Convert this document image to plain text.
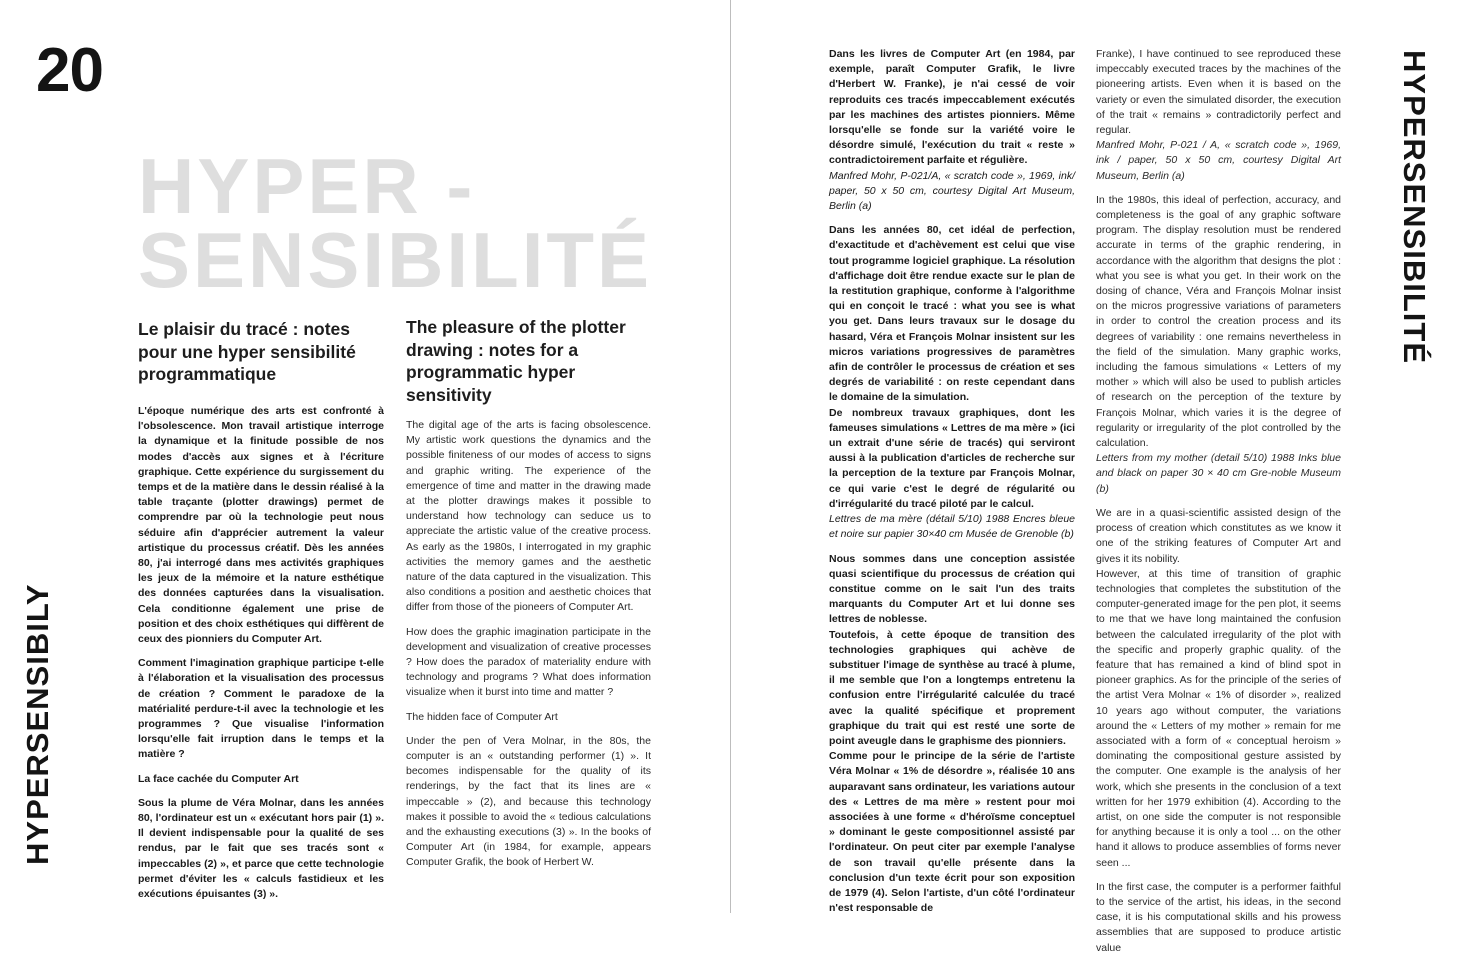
20
HYPERSENSIBILY
HYPERSENSIBILITÉ
HYPER -
SENSIBILITÉ
Le plaisir du tracé : notes pour une hyper sensibilité programmatique
The pleasure of the plotter drawing : notes for a programmatic hyper sensitivity

L'époque numérique des arts est confronté à l'obsolescence. Mon travail artistique interroge la dynamique et la finitude possible de nos modes d'accès aux signes et à l'écriture graphique. Cette expérience du surgissement du temps et de la matière dans le dessin réalisé à la table traçante (plotter drawings) permet de comprendre par où la technologie peut nous séduire afin d'apprécier autrement la valeur artistique du processus créatif. Dès les années 80, j'ai interrogé dans mes activités graphiques les jeux de la mémoire et la nature esthétique des données capturées dans la visualisation. Cela conditionne également une prise de position et des choix esthétiques qui diffèrent de ceux des pionniers du Computer Art.

Comment l'imagination graphique participe t-elle à l'élaboration et la visualisation des processus de création ? Comment le paradoxe de la matérialité perdure-t-il avec la technologie et les programmes ? Que visualise l'information lorsqu'elle fait irruption dans le temps et la matière ?

La face cachée du Computer Art

Sous la plume de Véra Molnar, dans les années 80, l'ordinateur est un « exécutant hors pair (1) ». Il devient indispensable pour la qualité de ses rendus, par le fait que ses tracés sont « impeccables (2) », et parce que cette technologie permet d'éviter les « calculs fastidieux et les exécutions épuisantes (3) ».

The digital age of the arts is facing obsolescence. My artistic work questions the dynamics and the possible finiteness of our modes of access to signs and graphic writing. The experience of the emergence of time and matter in the drawing made at the plotter drawings makes it possible to understand how technology can seduce us to appreciate the artistic value of the creative process. As early as the 1980s, I interrogated in my graphic activities the memory games and the aesthetic nature of the data captured in the visualization. This also conditions a position and aesthetic choices that differ from those of the pioneers of Computer Art.

How does the graphic imagination participate in the development and visualization of creative processes ? How does the paradox of materiality endure with technology and programs ? What does information visualize when it burst into time and matter ?

The hidden face of Computer Art

Under the pen of Vera Molnar, in the 80s, the computer is an « outstanding performer (1) ». It becomes indispensable for the quality of its renderings, by the fact that its lines are « impeccable » (2), and because this technology makes it possible to avoid the « tedious calculations and the exhausting executions (3) ». In the books of Computer Art (in 1984, for example, appears Computer Grafik, the book of Herbert W.

Dans les livres de Computer Art (en 1984, par exemple, paraît Computer Grafik, le livre d'Herbert W. Franke), je n'ai cessé de voir reproduits ces tracés impeccablement exécutés par les machines des artistes pionniers. Même lorsqu'elle se fonde sur la variété voire le désordre simulé, l'exécution du trait « reste » contradictoirement parfaite et régulière.

Manfred Mohr, P-021/A, « scratch code », 1969, ink/ paper, 50 x 50 cm, courtesy Digital Art Museum, Berlin (a)

Dans les années 80, cet idéal de perfection, d'exactitude et d'achèvement est celui que vise tout programme logiciel graphique. La résolution d'affichage doit être rendue exacte sur le plan de la restitution graphique, conforme à l'algorithme qui en conçoit le tracé : what you see is what you get. Dans leurs travaux sur le dosage du hasard, Véra et François Molnar insistent sur les micros variations progressives de paramètres afin de contrôler le processus de création et ses degrés de variabilité : on reste cependant dans le domaine de la simulation.

De nombreux travaux graphiques, dont les fameuses simulations « Lettres de ma mère » (ici un extrait d'une série de tracés) qui serviront aussi à la publication d'articles de recherche sur la perception de la texture par François Molnar, ce qui varie c'est le degré de régularité ou d'irrégularité du tracé piloté par le calcul.

Lettres de ma mère (détail 5/10) 1988 Encres bleue et noire sur papier 30×40 cm Musée de Grenoble (b)

Nous sommes dans une conception assistée quasi scientifique du processus de création qui constitue comme on le sait l'un des traits marquants du Computer Art et lui donne ses lettres de noblesse.

Toutefois, à cette époque de transition des technologies graphiques qui achève de substituer l'image de synthèse au tracé à plume, il me semble que l'on a longtemps entretenu la confusion entre l'irrégularité calculée du tracé avec la qualité spécifique et proprement graphique du trait qui est resté une sorte de point aveugle dans le graphisme des pionniers.

Comme pour le principe de la série de l'artiste Véra Molnar « 1% de désordre », réalisée 10 ans auparavant sans ordinateur, les variations autour des « Lettres de ma mère » restent pour moi associées à une forme « d'héroïsme conceptuel » dominant le geste compositionnel assisté par l'ordinateur. On peut citer par exemple l'analyse de son travail qu'elle présente dans la conclusion d'un texte écrit pour son exposition de 1979 (4). Selon l'artiste, d'un côté l'ordinateur n'est responsable de

Franke), I have continued to see reproduced these impeccably executed traces by the machines of the pioneering artists. Even when it is based on the variety or even the simulated disorder, the execution of the trait « remains » contradictorily perfect and regular.

Manfred Mohr, P-021 / A, « scratch code », 1969, ink / paper, 50 x 50 cm, courtesy Digital Art Museum, Berlin (a)

In the 1980s, this ideal of perfection, accuracy, and completeness is the goal of any graphic software program. The display resolution must be rendered accurate in terms of the graphic rendering, in accordance with the algorithm that designs the plot : what you see is what you get. In their work on the dosing of chance, Véra and François Molnar insist on the micros progressive variations of parameters in order to control the creation process and its degrees of variability : one remains nevertheless in the field of the simulation. Many graphic works, including the famous simulations « Letters of my mother » which will also be used to publish articles of research on the perception of the texture by François Molnar, which varies it is the degree of regularity or irregularity of the plot controlled by the calculation.

Letters from my mother (detail 5/10) 1988 Inks blue and black on paper 30 × 40 cm Gre-noble Museum (b)

We are in a quasi-scientific assisted design of the process of creation which constitutes as we know it one of the striking features of Computer Art and gives it its nobility.

However, at this time of transition of graphic technologies that completes the substitution of the computer-generated image for the pen plot, it seems to me that we have long maintained the confusion between the calculated irregularity of the plot with the specific and properly graphic quality. of the feature that has remained a kind of blind spot in pioneer graphics. As for the principle of the series of the artist Vera Molnar « 1% of disorder », realized 10 years ago without computer, the variations around the « Letters of my mother » remain for me associated with a form of « conceptual heroism » dominating the compositional gesture assisted by the computer. One example is the analysis of her work, which she presents in the conclusion of a text written for her 1979 exhibition (4). According to the artist, on one side the computer is not responsible for anything because it is only a tool ... on the other hand it allows to produce assemblies of forms never seen ...

In the first case, the computer is a performer faithful to the service of the artist, his ideas, in the second case, it is his computational skills and his prowess assemblies that are supposed to produce artistic value
